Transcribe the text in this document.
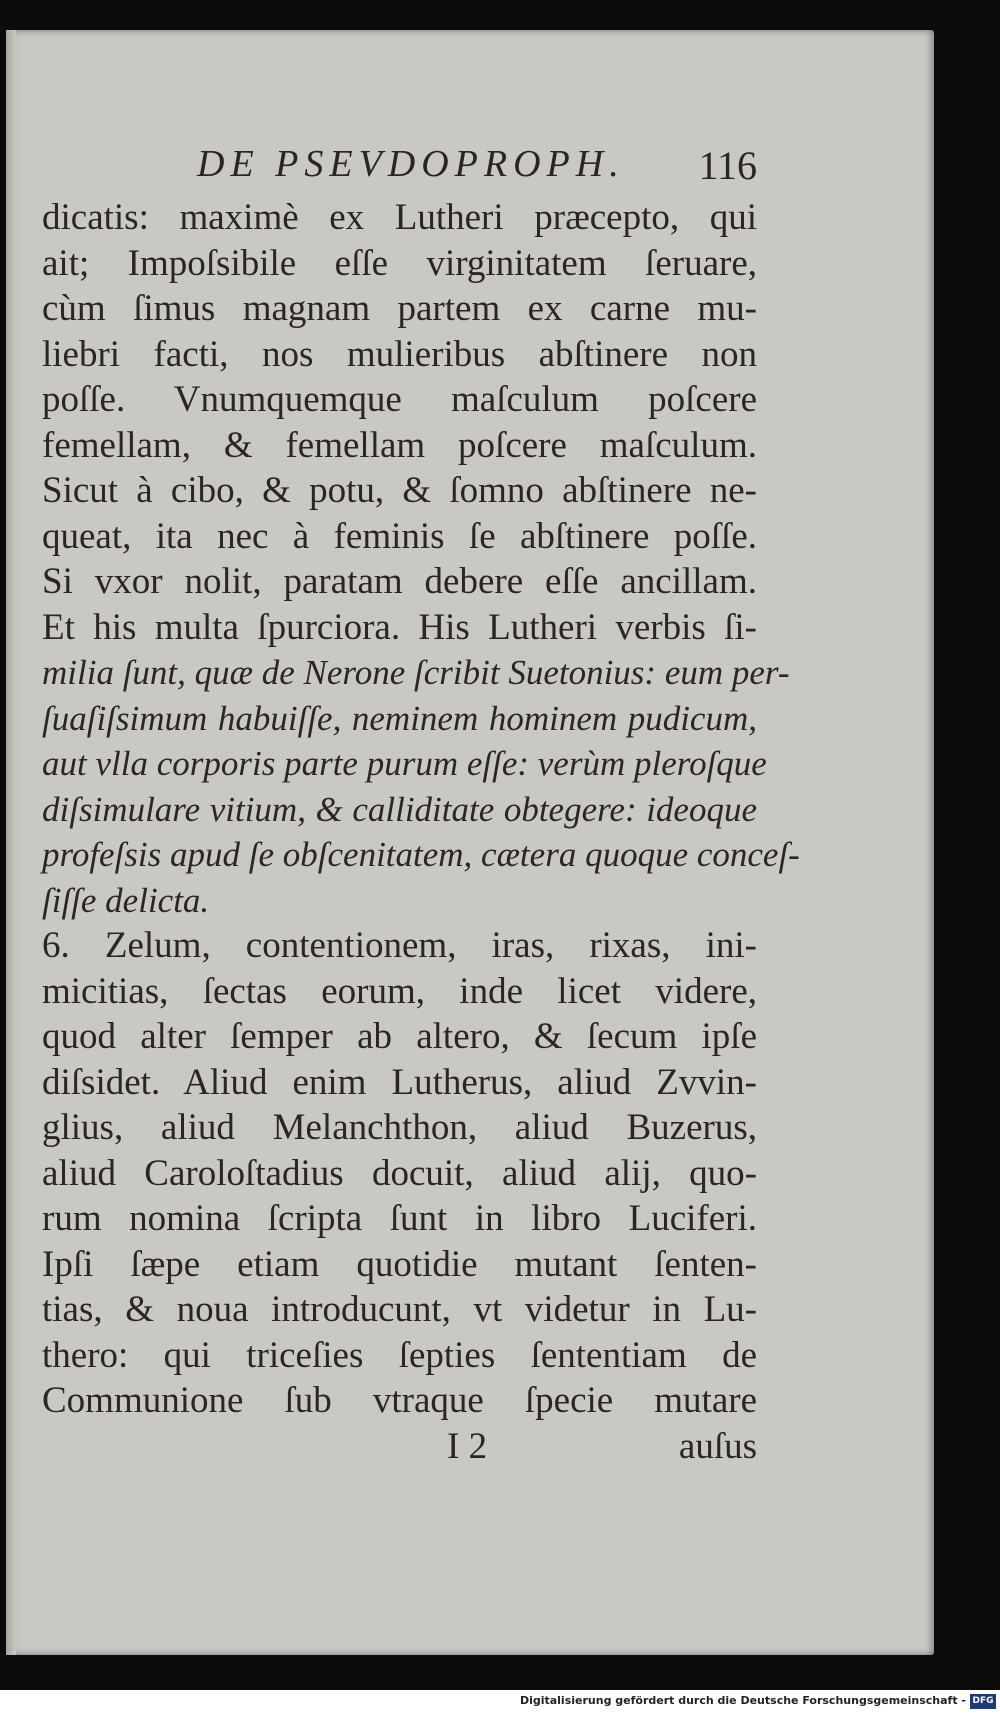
DE PSEVDOPROPH. 116
dicatis: maximè ex Lutheri præcepto, qui
ait; Impoſsibile eſſe virginitatem ſeruare,
cùm ſimus magnam partem ex carne mu-
liebri facti, nos mulieribus abſtinere non
poſſe. Vnumquemque maſculum poſcere
femellam, & femellam poſcere maſculum.
Sicut à cibo, & potu, & ſomno abſtinere ne-
queat, ita nec à feminis ſe abſtinere poſſe.
Si vxor nolit, paratam debere eſſe ancillam.
Et his multa ſpurciora. His Lutheri verbis ſi-
milia ſunt, quæ de Nerone ſcribit Suetonius: eum per-
ſuaſiſsimum habuiſſe, neminem hominem pudicum,
aut vlla corporis parte purum eſſe: verùm pleroſque
diſsimulare vitium, & calliditate obtegere: ideoque
profeſsis apud ſe obſcenitatem, cætera quoque conceſ-
ſiſſe delicta.
6. Zelum, contentionem, iras, rixas, ini-
micitias, ſectas eorum, inde licet videre,
quod alter ſemper ab altero, & ſecum ipſe
diſsidet. Aliud enim Lutherus, aliud Zvvin-
glius, aliud Melanchthon, aliud Buzerus,
aliud Caroloſtadius docuit, aliud alij, quo-
rum nomina ſcripta ſunt in libro Luciferi.
Ipſi ſæpe etiam quotidie mutant ſenten-
tias, & noua introducunt, vt videtur in Lu-
thero: qui triceſies ſepties ſententiam de
Communione ſub vtraque ſpecie mutare
I 2	auſus
Digitalisierung gefördert durch die Deutsche Forschungsgemeinschaft - DFG
